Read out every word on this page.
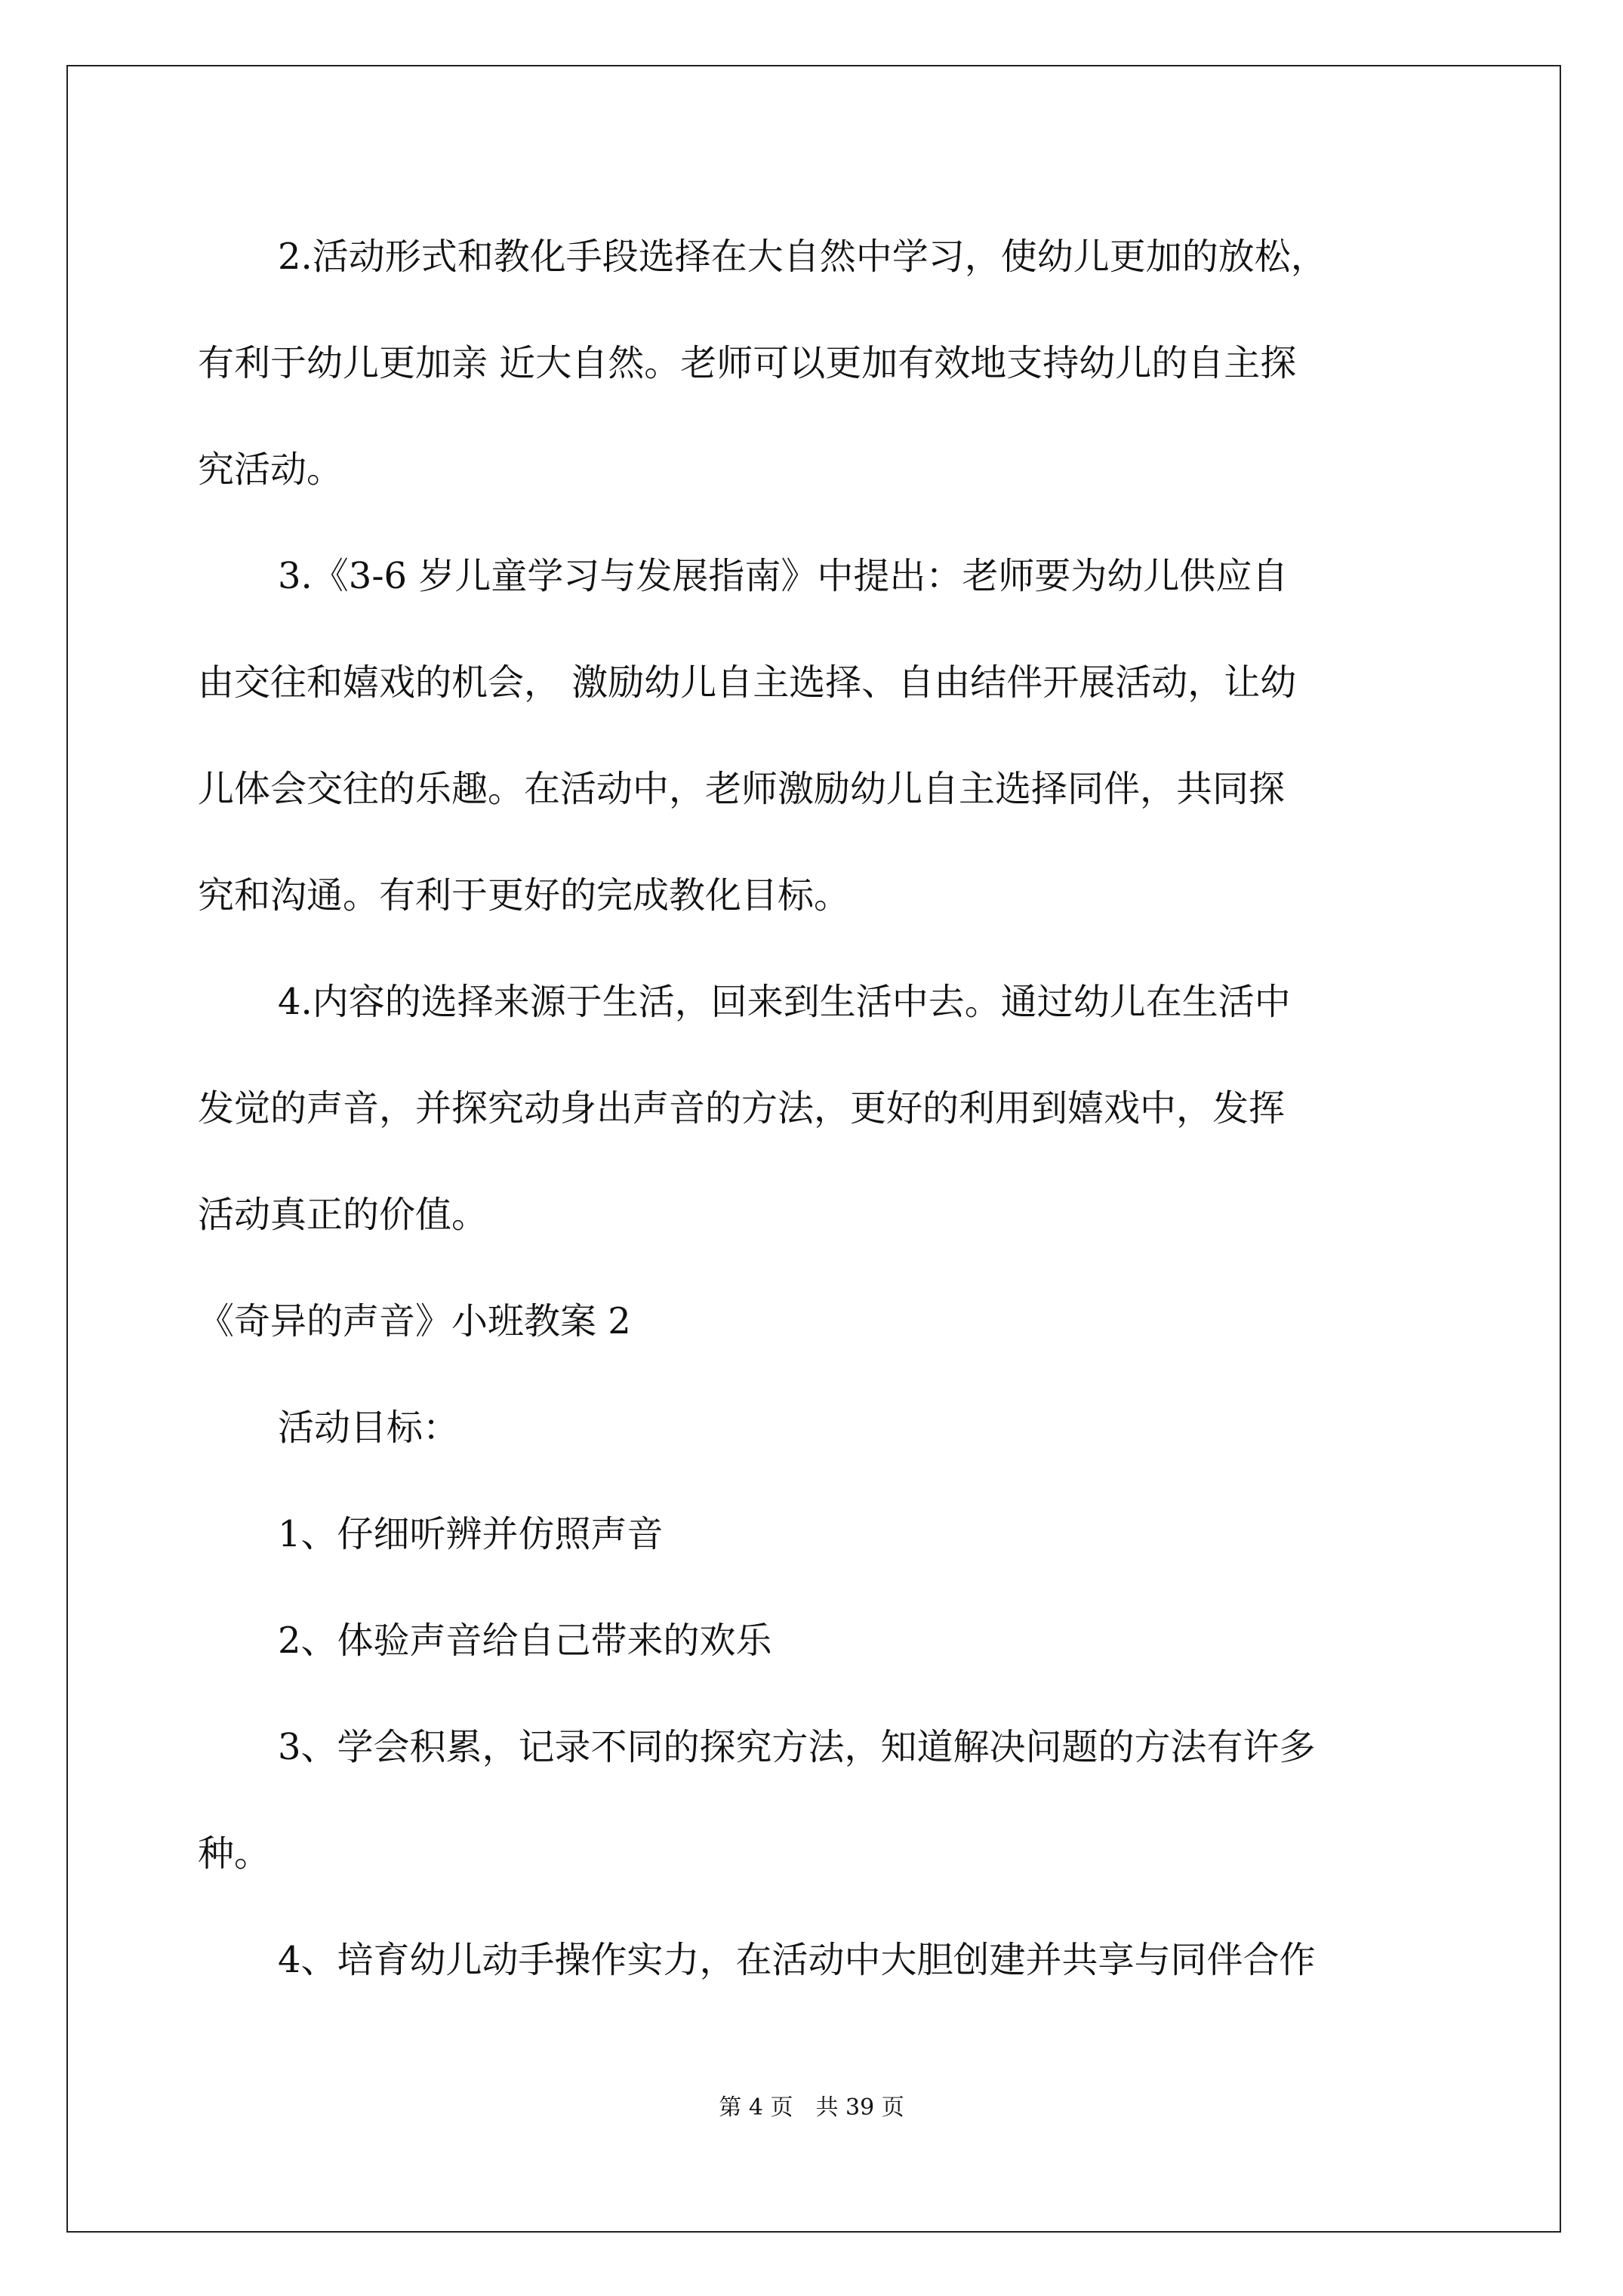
2.活动形式和教化手段选择在大自然中学习，使幼儿更加的放松，
有利于幼儿更加亲 近大自然。老师可以更加有效地支持幼儿的自主探
究活动。
3.《3-6 岁儿童学习与发展指南》中提出：老师要为幼儿供应自
由交往和嬉戏的机会， 激励幼儿自主选择、自由结伴开展活动，让幼
儿体会交往的乐趣。在活动中，老师激励幼儿自主选择同伴，共同探
究和沟通。有利于更好的完成教化目标。
4.内容的选择来源于生活，回来到生活中去。通过幼儿在生活中
发觉的声音，并探究动身出声音的方法，更好的利用到嬉戏中，发挥
活动真正的价值。
《奇异的声音》小班教案 2
活动目标：
1、仔细听辨并仿照声音
2、体验声音给自己带来的欢乐
3、学会积累，记录不同的探究方法，知道解决问题的方法有许多
种。
4、培育幼儿动手操作实力，在活动中大胆创建并共享与同伴合作
第 4 页　共 39 页
